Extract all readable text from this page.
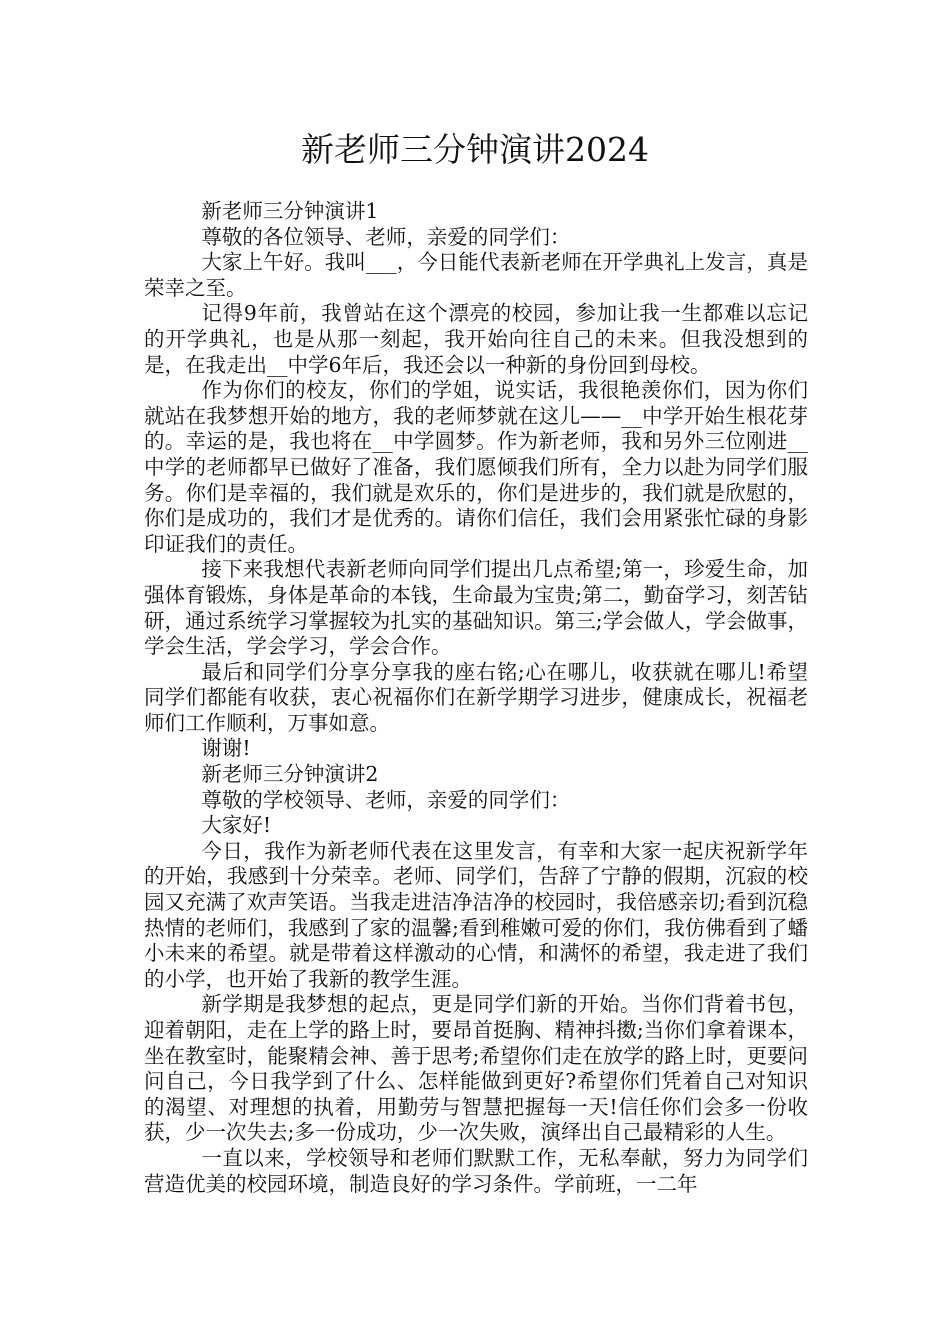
新老师三分钟演讲2024

新老师三分钟演讲1

尊敬的各位领导、老师，亲爱的同学们：

大家上午好。我叫___，今日能代表新老师在开学典礼上发言，真是荣幸之至。

记得9年前，我曾站在这个漂亮的校园，参加让我一生都难以忘记的开学典礼，也是从那一刻起，我开始向往自己的未来。但我没想到的是，在我走出__中学6年后，我还会以一种新的身份回到母校。

作为你们的校友，你们的学姐，说实话，我很艳羡你们，因为你们就站在我梦想开始的地方，我的老师梦就在这儿——__中学开始生根花芽的。幸运的是，我也将在__中学圆梦。作为新老师，我和另外三位刚进__中学的老师都早已做好了准备，我们愿倾我们所有，全力以赴为同学们服务。你们是幸福的，我们就是欢乐的，你们是进步的，我们就是欣慰的，你们是成功的，我们才是优秀的。请你们信任，我们会用紧张忙碌的身影印证我们的责任。

接下来我想代表新老师向同学们提出几点希望;第一，珍爱生命，加强体育锻炼，身体是革命的本钱，生命最为宝贵;第二，勤奋学习，刻苦钻研，通过系统学习掌握较为扎实的基础知识。第三;学会做人，学会做事，学会生活，学会学习，学会合作。

最后和同学们分享分享我的座右铭;心在哪儿，收获就在哪儿!希望同学们都能有收获，衷心祝福你们在新学期学习进步，健康成长，祝福老师们工作顺利，万事如意。

谢谢!

新老师三分钟演讲2

尊敬的学校领导、老师，亲爱的同学们：

大家好!

今日，我作为新老师代表在这里发言，有幸和大家一起庆祝新学年的开始，我感到十分荣幸。老师、同学们，告辞了宁静的假期，沉寂的校园又充满了欢声笑语。当我走进洁净洁净的校园时，我倍感亲切;看到沉稳热情的老师们，我感到了家的温馨;看到稚嫩可爱的你们，我仿佛看到了蟠小未来的希望。就是带着这样激动的心情，和满怀的希望，我走进了我们的小学，也开始了我新的教学生涯。

新学期是我梦想的起点，更是同学们新的开始。当你们背着书包，迎着朝阳，走在上学的路上时，要昂首挺胸、精神抖擞;当你们拿着课本，坐在教室时，能聚精会神、善于思考;希望你们走在放学的路上时，更要问问自己，今日我学到了什么、怎样能做到更好?希望你们凭着自己对知识的渴望、对理想的执着，用勤劳与智慧把握每一天!信任你们会多一份收获，少一次失去;多一份成功，少一次失败，演绎出自己最精彩的人生。

一直以来，学校领导和老师们默默工作，无私奉献，努力为同学们营造优美的校园环境，制造良好的学习条件。学前班，一二年
